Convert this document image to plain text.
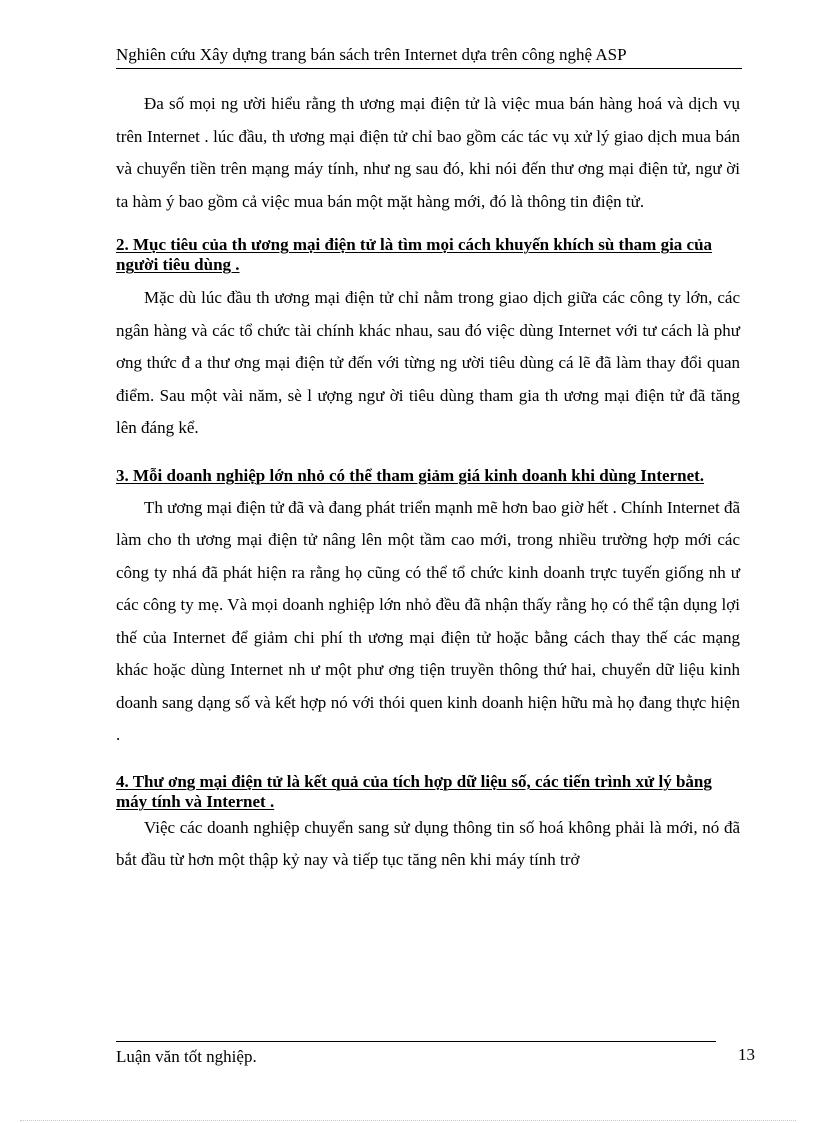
Nghiên cứu Xây dựng trang bán sách trên Internet dựa trên công nghệ ASP

Đa số mọi ng ười hiểu rằng th ương mại điện tử là việc mua bán hàng hoá và dịch vụ trên Internet . lúc đầu, th ương mại điện tử chỉ bao gồm các tác vụ xử lý giao dịch mua bán và chuyển tiền trên mạng máy tính, như ng sau đó, khi nói đến thư ơng mại điện tử, ngư ời ta hàm ý bao gồm cả việc mua bán một mặt hàng mới, đó là thông tin điện tử.

2. Mục tiêu của th ương mại điện tử là tìm mọi cách khuyến khích sù tham gia của người tiêu dùng .

Mặc dù lúc đầu th ương mại điện tử chỉ nằm trong giao dịch giữa các công ty lớn, các ngân hàng và các tổ chức tài chính khác nhau, sau đó việc dùng Internet với tư cách là phư ơng thức đ a thư ơng mại điện tử đến với từng ng ười tiêu dùng cá lẽ đã làm thay đổi quan điểm. Sau một vài năm, sè l ượng ngư ời tiêu dùng tham gia th ương mại điện tử đã tăng lên đáng kể.

3. Mỗi doanh nghiệp lớn nhỏ có thể tham giảm giá kinh doanh khi dùng Internet.

Th ương mại điện tử đã và đang phát triển mạnh mẽ hơn bao giờ hết . Chính Internet đã làm cho th ương mại điện tử nâng lên một tầm cao mới, trong nhiều trường hợp mới các công ty nhá đã phát hiện ra rằng họ cũng có thể tổ chức kinh doanh trực tuyến giống nh ư các công ty mẹ. Và mọi doanh nghiệp lớn nhỏ đều đã nhận thấy rằng họ có thể tận dụng lợi thế của Internet để giảm chi phí th ương mại điện tử hoặc bằng cách thay thế các mạng khác hoặc dùng Internet nh ư một phư ơng tiện truyền thông thứ hai, chuyển dữ liệu kinh doanh sang dạng số và kết hợp nó với thói quen kinh doanh hiện hữu mà họ đang thực hiện .

4. Thư ơng mại điện tử là kết quả của tích hợp dữ liệu số, các tiến trình xử lý bằng máy tính và Internet .

Việc các doanh nghiệp chuyển sang sử dụng thông tin số hoá không phải là mới, nó đã bắt đầu từ hơn một thập kỷ nay và tiếp tục tăng nên khi máy tính trở

Luận văn tốt nghiệp.	13
